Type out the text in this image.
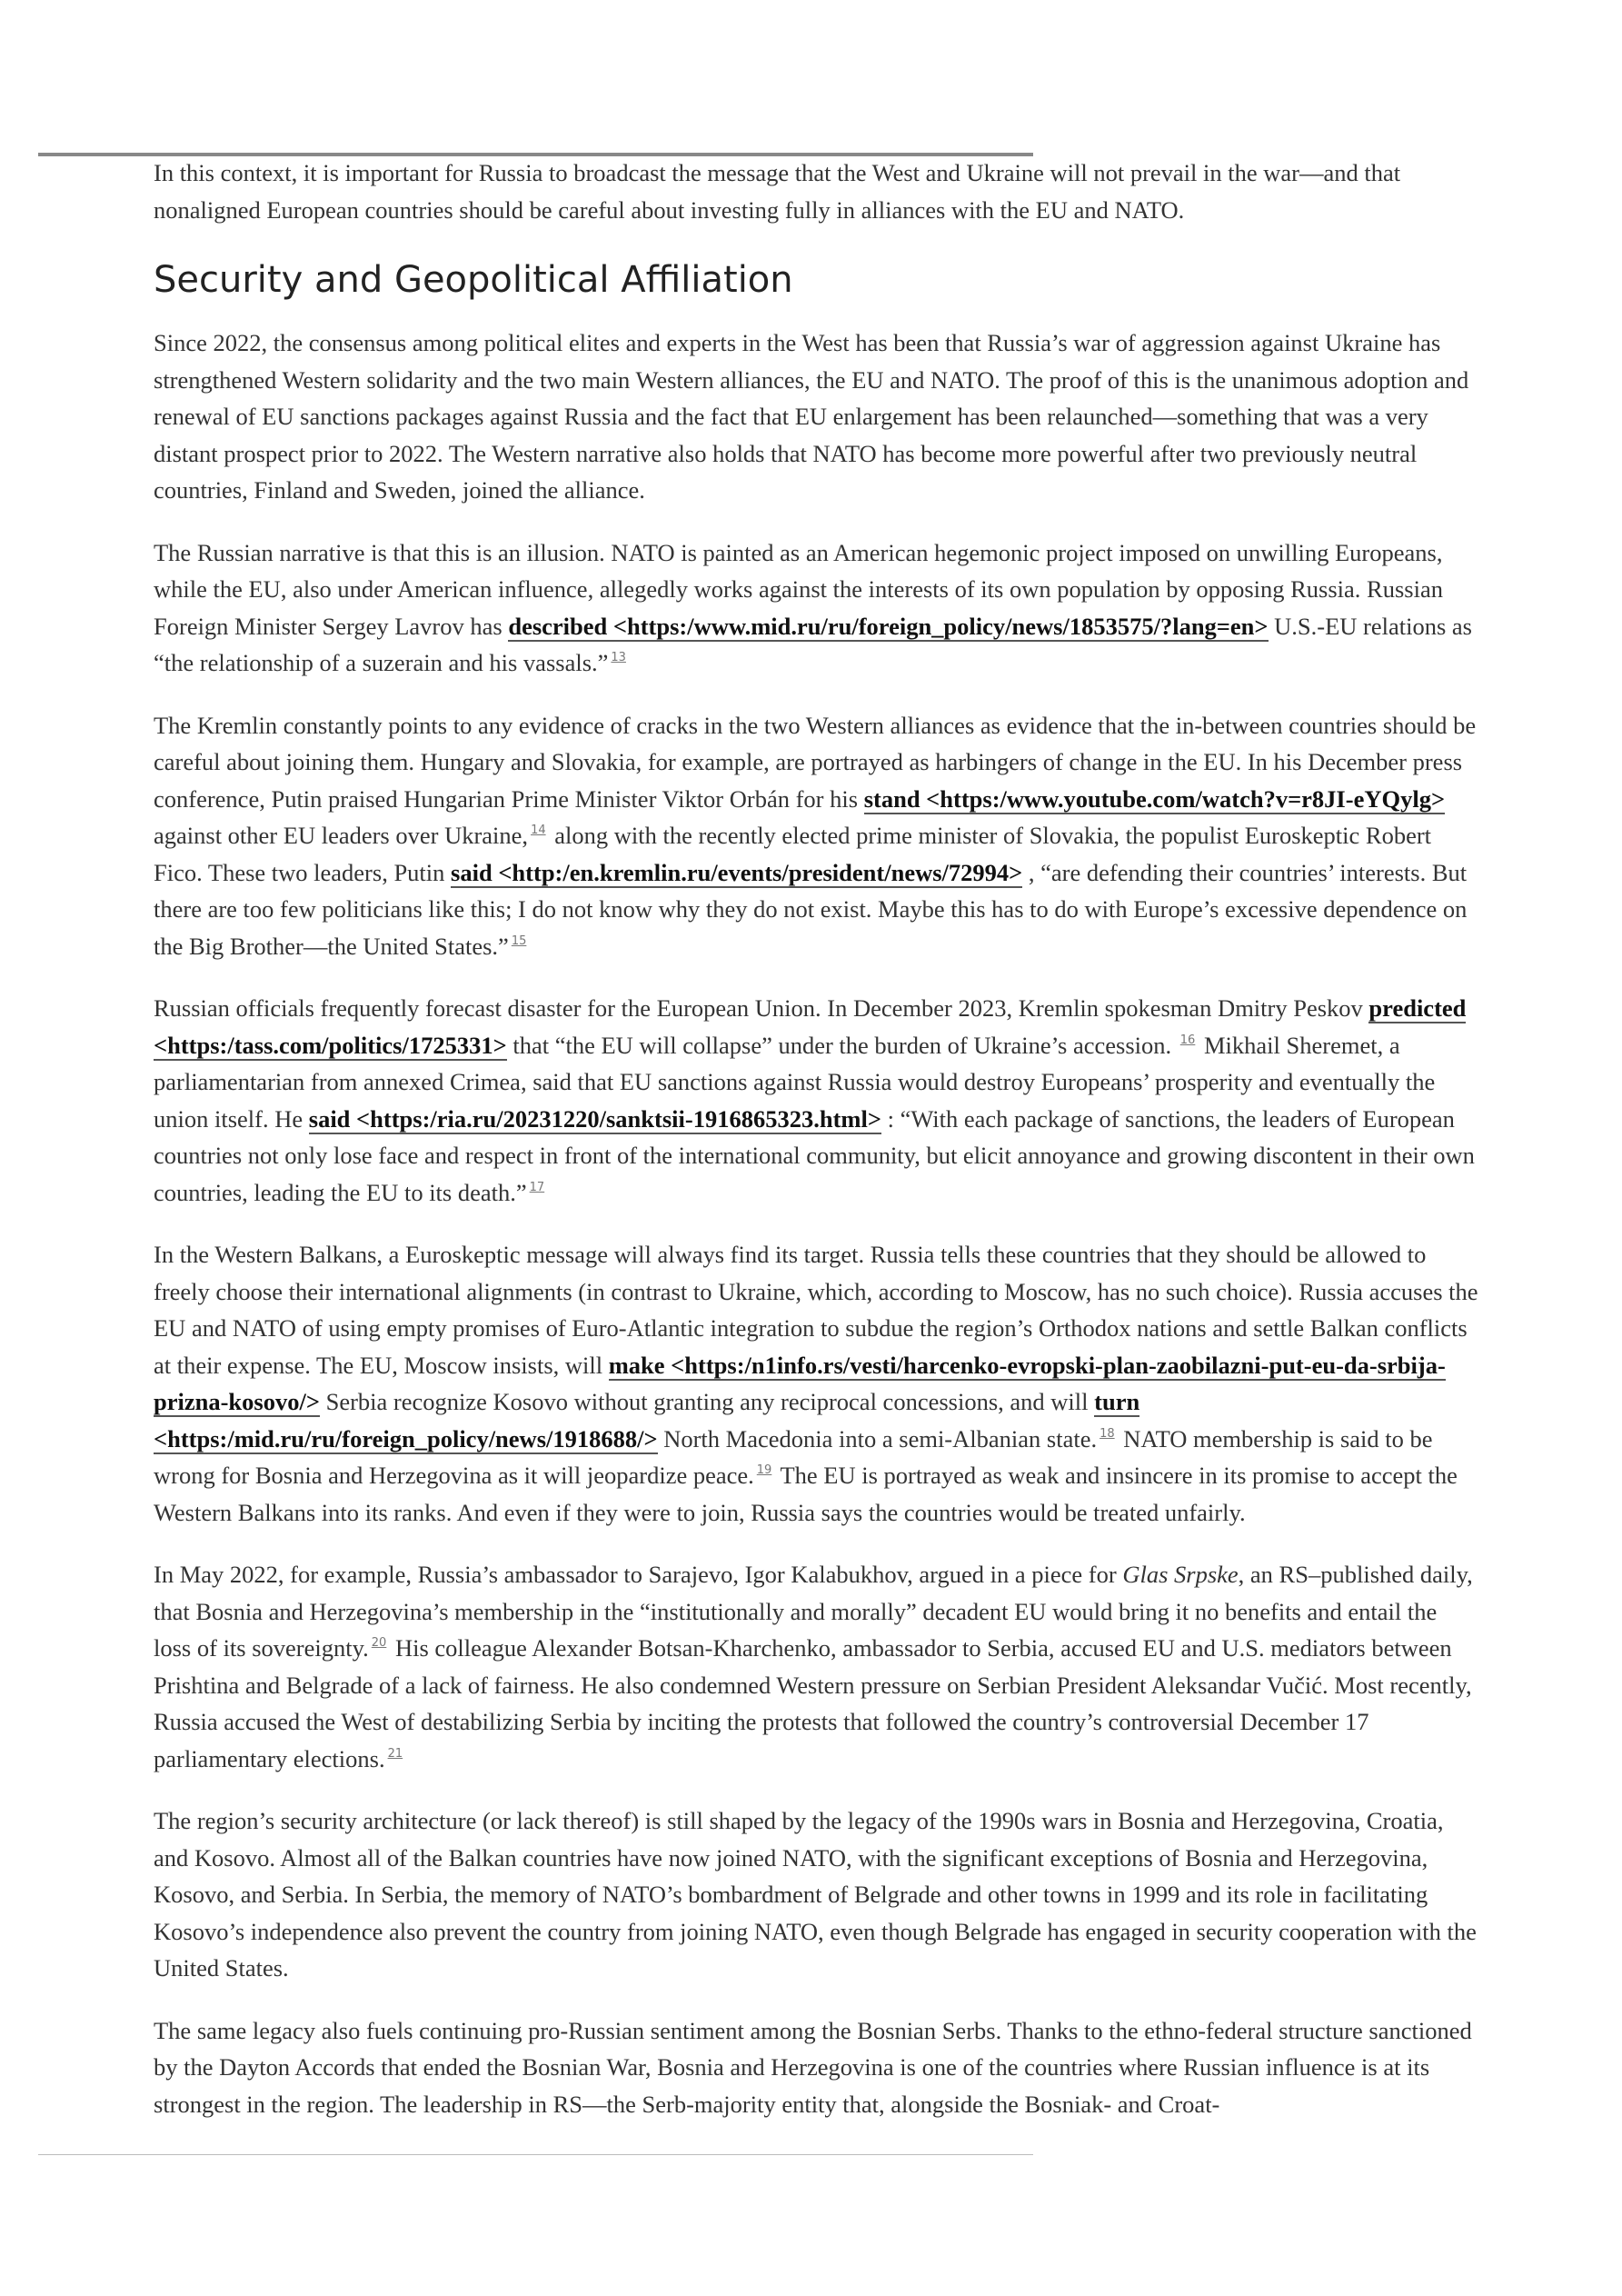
In this context, it is important for Russia to broadcast the message that the West and Ukraine will not prevail in the war—and that nonaligned European countries should be careful about investing fully in alliances with the EU and NATO.

Security and Geopolitical Affiliation

Since 2022, the consensus among political elites and experts in the West has been that Russia’s war of aggression against Ukraine has strengthened Western solidarity and the two main Western alliances, the EU and NATO. The proof of this is the unanimous adoption and renewal of EU sanctions packages against Russia and the fact that EU enlargement has been relaunched—something that was a very distant prospect prior to 2022. The Western narrative also holds that NATO has become more powerful after two previously neutral countries, Finland and Sweden, joined the alliance.

The Russian narrative is that this is an illusion. NATO is painted as an American hegemonic project imposed on unwilling Europeans, while the EU, also under American influence, allegedly works against the interests of its own population by opposing Russia. Russian Foreign Minister Sergey Lavrov has described <https:/www.mid.ru/ru/foreign_policy/news/1853575/?lang=en> U.S.-EU relations as “the relationship of a suzerain and his vassals.” $^{13}$

The Kremlin constantly points to any evidence of cracks in the two Western alliances as evidence that the in-between countries should be careful about joining them. Hungary and Slovakia, for example, are portrayed as harbingers of change in the EU. In his December press conference, Putin praised Hungarian Prime Minister Viktor Orbán for his stand <https:/www.youtube.com/watch?v=r8JI-eYQylg> against other EU leaders over Ukraine, $^{14}$ along with the recently elected prime minister of Slovakia, the populist Euroskeptic Robert Fico. These two leaders, Putin said <http:/en.kremlin.ru/events/president/news/72994> , “are defending their countries’ interests. But there are too few politicians like this; I do not know why they do not exist. Maybe this has to do with Europe’s excessive dependence on the Big Brother—the United States.” $^{15}$

Russian officials frequently forecast disaster for the European Union. In December 2023, Kremlin spokesman Dmitry Peskov predicted <https:/tass.com/politics/1725331> that “the EU will collapse” under the burden of Ukraine’s accession. $^{16}$ Mikhail Sheremet, a parliamentarian from annexed Crimea, said that EU sanctions against Russia would destroy Europeans’ prosperity and eventually the union itself. He said <https:/ria.ru/20231220/sanktsii-1916865323.html> : “With each package of sanctions, the leaders of European countries not only lose face and respect in front of the international community, but elicit annoyance and growing discontent in their own countries, leading the EU to its death.” $^{17}$

In the Western Balkans, a Euroskeptic message will always find its target. Russia tells these countries that they should be allowed to freely choose their international alignments (in contrast to Ukraine, which, according to Moscow, has no such choice). Russia accuses the EU and NATO of using empty promises of Euro-Atlantic integration to subdue the region’s Orthodox nations and settle Balkan conflicts at their expense. The EU, Moscow insists, will make <https:/n1info.rs/vesti/harcenko-evropski-plan-zaobilazni-put-eu-da-srbija-prizna-kosovo/> Serbia recognize Kosovo without granting any reciprocal concessions, and will turn <https:/mid.ru/ru/foreign_policy/news/1918688/> North Macedonia into a semi-Albanian state. $^{18}$ NATO membership is said to be wrong for Bosnia and Herzegovina as it will jeopardize peace. $^{19}$ The EU is portrayed as weak and insincere in its promise to accept the Western Balkans into its ranks. And even if they were to join, Russia says the countries would be treated unfairly.

In May 2022, for example, Russia’s ambassador to Sarajevo, Igor Kalabukhov, argued in a piece for Glas Srpske, an RS–published daily, that Bosnia and Herzegovina’s membership in the “institutionally and morally” decadent EU would bring it no benefits and entail the loss of its sovereignty. $^{20}$ His colleague Alexander Botsan-Kharchenko, ambassador to Serbia, accused EU and U.S. mediators between Prishtina and Belgrade of a lack of fairness. He also condemned Western pressure on Serbian President Aleksandar Vučić. Most recently, Russia accused the West of destabilizing Serbia by inciting the protests that followed the country’s controversial December 17 parliamentary elections. $^{21}$

The region’s security architecture (or lack thereof) is still shaped by the legacy of the 1990s wars in Bosnia and Herzegovina, Croatia, and Kosovo. Almost all of the Balkan countries have now joined NATO, with the significant exceptions of Bosnia and Herzegovina, Kosovo, and Serbia. In Serbia, the memory of NATO’s bombardment of Belgrade and other towns in 1999 and its role in facilitating Kosovo’s independence also prevent the country from joining NATO, even though Belgrade has engaged in security cooperation with the United States.

The same legacy also fuels continuing pro-Russian sentiment among the Bosnian Serbs. Thanks to the ethno-federal structure sanctioned by the Dayton Accords that ended the Bosnian War, Bosnia and Herzegovina is one of the countries where Russian influence is at its strongest in the region. The leadership in RS—the Serb-majority entity that, alongside the Bosniak- and Croat-
